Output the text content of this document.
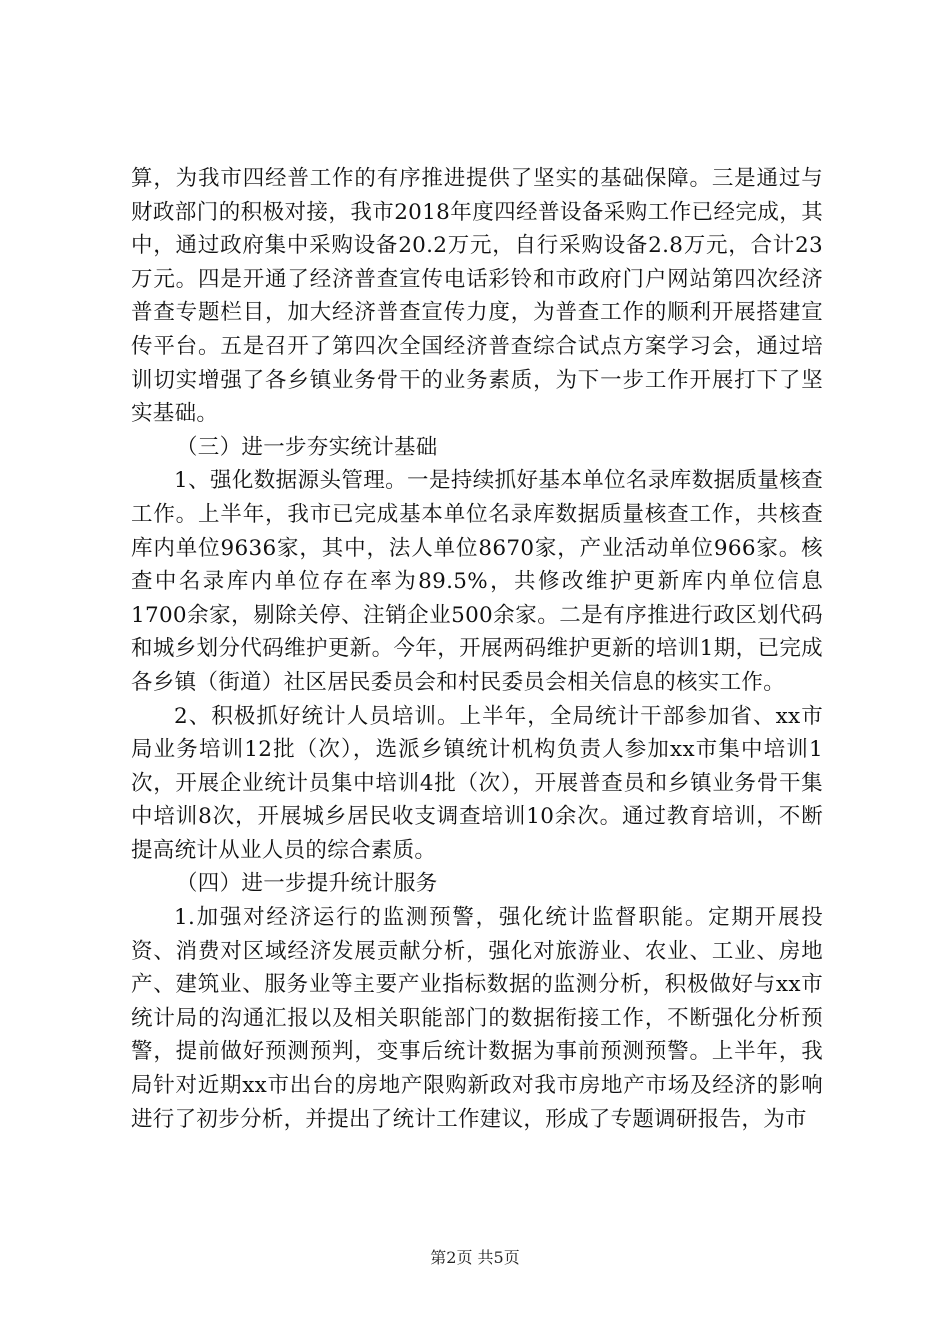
算，为我市四经普工作的有序推进提供了坚实的基础保障。三是通过与财政部门的积极对接，我市2018年度四经普设备采购工作已经完成，其中，通过政府集中采购设备20.2万元，自行采购设备2.8万元，合计23万元。四是开通了经济普查宣传电话彩铃和市政府门户网站第四次经济普查专题栏目，加大经济普查宣传力度，为普查工作的顺利开展搭建宣传平台。五是召开了第四次全国经济普查综合试点方案学习会，通过培训切实增强了各乡镇业务骨干的业务素质，为下一步工作开展打下了坚实基础。

（三）进一步夯实统计基础

1、强化数据源头管理。一是持续抓好基本单位名录库数据质量核查工作。上半年，我市已完成基本单位名录库数据质量核查工作，共核查库内单位9636家，其中，法人单位8670家，产业活动单位966家。核查中名录库内单位存在率为89.5%，共修改维护更新库内单位信息1700余家，剔除关停、注销企业500余家。二是有序推进行政区划代码和城乡划分代码维护更新。今年，开展两码维护更新的培训1期，已完成各乡镇（街道）社区居民委员会和村民委员会相关信息的核实工作。

2、积极抓好统计人员培训。上半年，全局统计干部参加省、xx市局业务培训12批（次），选派乡镇统计机构负责人参加xx市集中培训1次，开展企业统计员集中培训4批（次），开展普查员和乡镇业务骨干集中培训8次，开展城乡居民收支调查培训10余次。通过教育培训，不断提高统计从业人员的综合素质。

（四）进一步提升统计服务

1.加强对经济运行的监测预警，强化统计监督职能。定期开展投资、消费对区域经济发展贡献分析，强化对旅游业、农业、工业、房地产、建筑业、服务业等主要产业指标数据的监测分析，积极做好与xx市统计局的沟通汇报以及相关职能部门的数据衔接工作，不断强化分析预警，提前做好预测预判，变事后统计数据为事前预测预警。上半年，我局针对近期xx市出台的房地产限购新政对我市房地产市场及经济的影响进行了初步分析，并提出了统计工作建议，形成了专题调研报告，为市

第2页 共5页
